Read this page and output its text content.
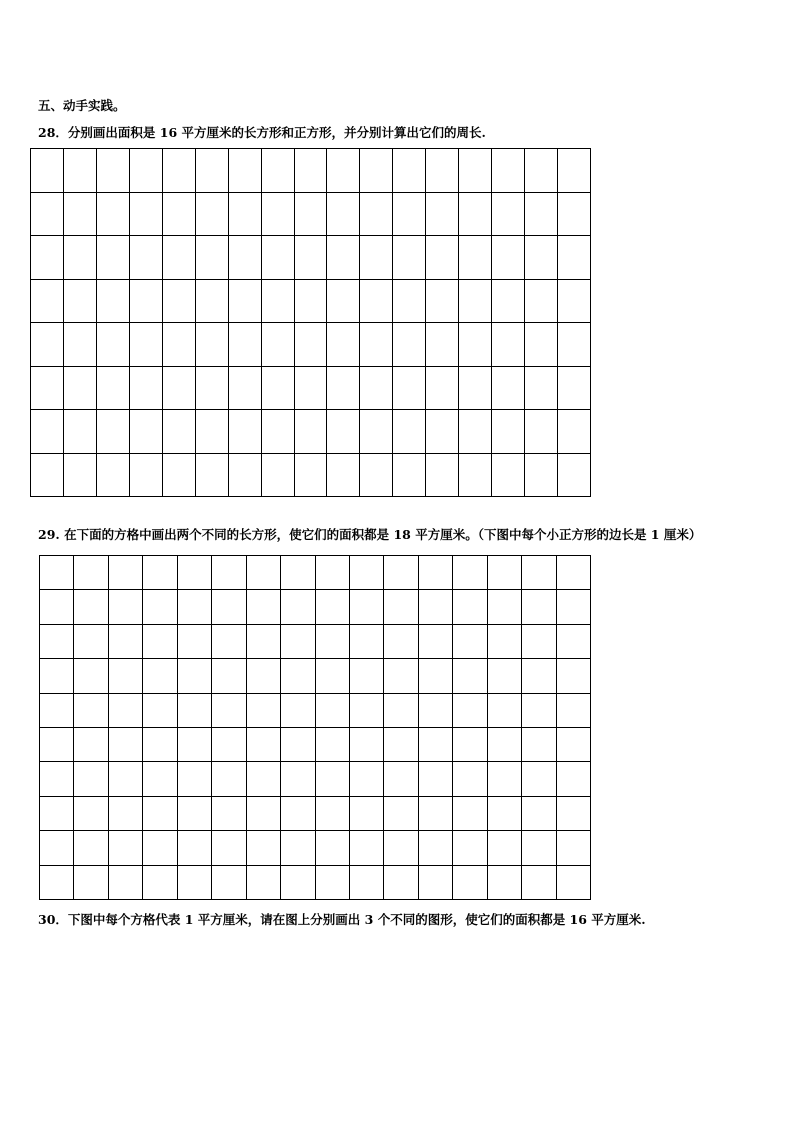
五、动手实践。
28．分别画出面积是 16 平方厘米的长方形和正方形，并分别计算出它们的周长.
29. 在下面的方格中画出两个不同的长方形，使它们的面积都是 18 平方厘米。（下图中每个小正方形的边长是 1 厘米）
30．下图中每个方格代表 1 平方厘米，请在图上分别画出 3 个不同的图形，使它们的面积都是 16 平方厘米.
